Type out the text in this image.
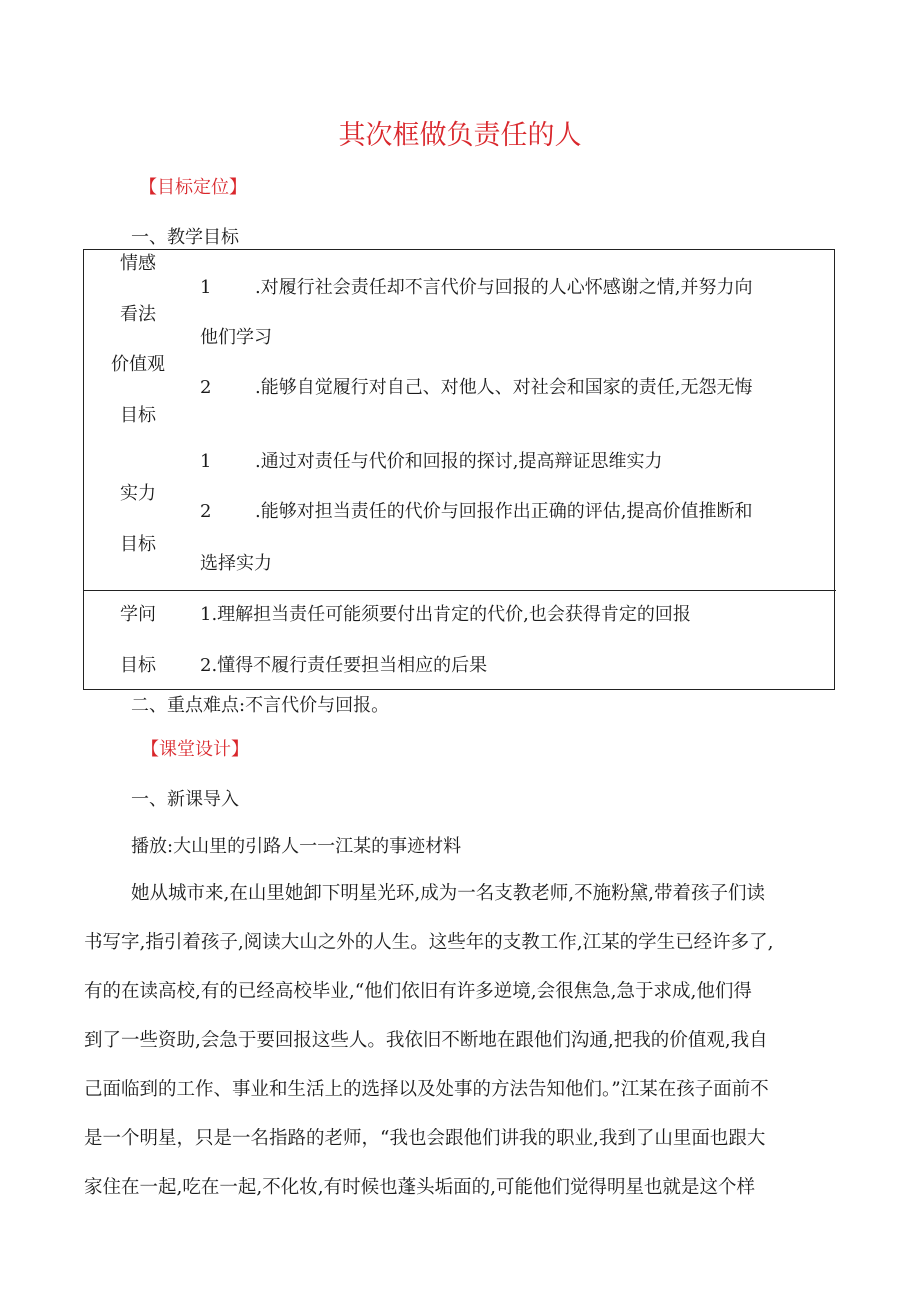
其次框做负责任的人
【目标定位】
一、教学目标
情感
看法
价值观
目标
1 .对履行社会责任却不言代价与回报的人心怀感谢之情,并努力向
他们学习
2 .能够自觉履行对自己、对他人、对社会和国家的责任,无怨无悔
实力
目标
1 .通过对责任与代价和回报的探讨,提高辩证思维实力
2 .能够对担当责任的代价与回报作出正确的评估,提高价值推断和
选择实力
学问
目标
1.理解担当责任可能须要付出肯定的代价,也会获得肯定的回报
2.懂得不履行责任要担当相应的后果
二、重点难点:不言代价与回报。
【课堂设计】
一、新课导入
播放:大山里的引路人一一江某的事迹材料
她从城市来,在山里她卸下明星光环,成为一名支教老师,不施粉黛,带着孩子们读
书写字,指引着孩子,阅读大山之外的人生。这些年的支教工作,江某的学生已经许多了,
有的在读高校,有的已经高校毕业,“他们依旧有许多逆境,会很焦急,急于求成,他们得
到了一些资助,会急于要回报这些人。我依旧不断地在跟他们沟通,把我的价值观,我自
己面临到的工作、事业和生活上的选择以及处事的方法告知他们。”江某在孩子面前不
是一个明星，只是一名指路的老师，“我也会跟他们讲我的职业,我到了山里面也跟大
家住在一起,吃在一起,不化妆,有时候也蓬头垢面的,可能他们觉得明星也就是这个样
